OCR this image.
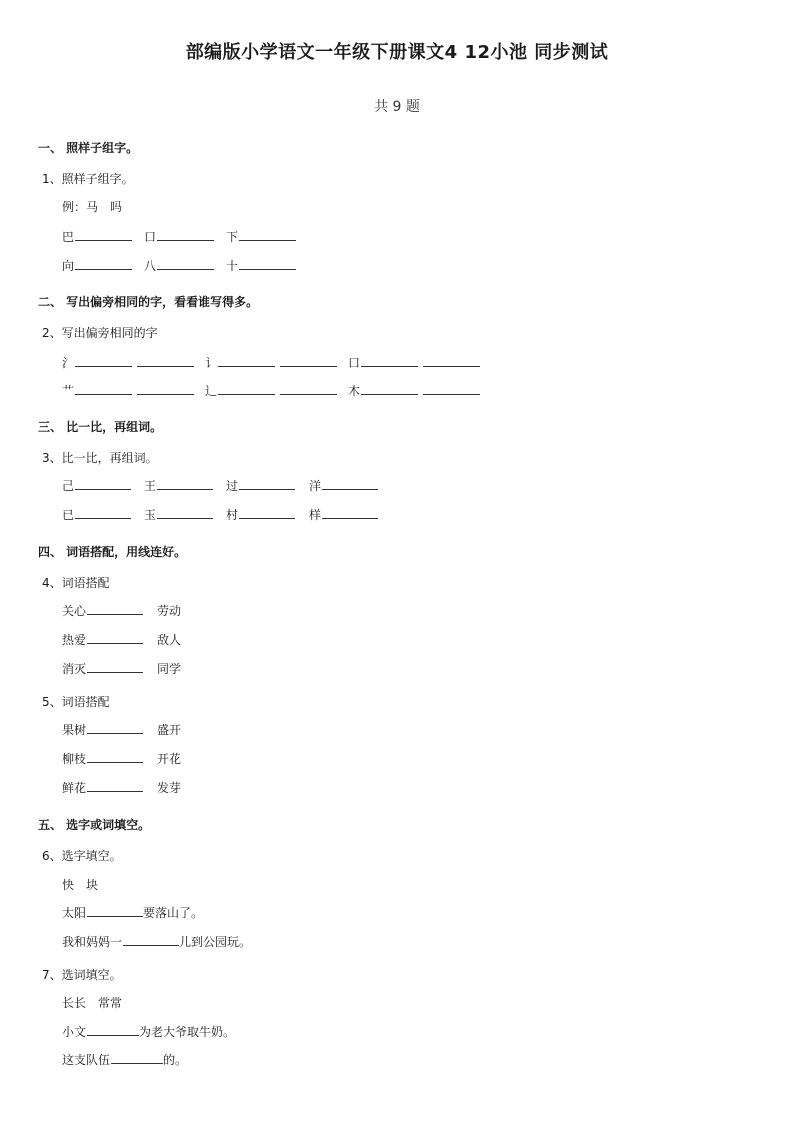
部编版小学语文一年级下册课文4 12小池 同步测试
共 9 题
一、 照样子组字。
1、照样子组字。
例：马　吗
巴	口	下
向	八	十
二、 写出偏旁相同的字，看看谁写得多。
2、写出偏旁相同的字
氵	讠	口
艹	辶	木
三、 比一比，再组词。
3、比一比，再组词。
己	王	过	洋
已	玉	村	样
四、 词语搭配，用线连好。
4、词语搭配
关心	劳动
热爱	敌人
消灭	同学
5、词语搭配
果树	盛开
柳枝	开花
鲜花	发芽
五、 选字或词填空。
6、选字填空。
快　块
太阳	要落山了。
我和妈妈一	儿到公园玩。
7、选词填空。
长长　常常
小文	为老大爷取牛奶。
这支队伍	的。
